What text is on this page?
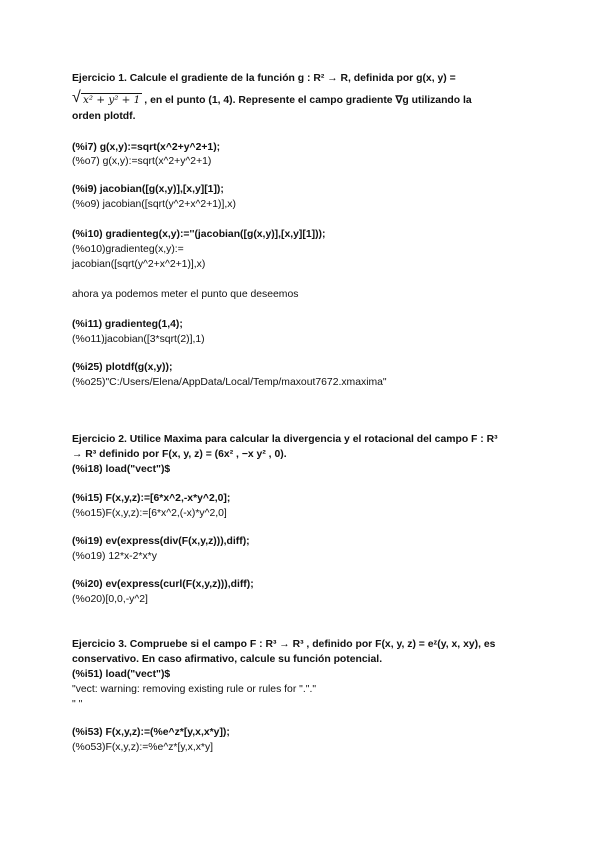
Ejercicio 1. Calcule el gradiente de la función g : R² → R, definida por g(x, y) =
√ x² + y² + 1 , en el punto (1, 4). Represente el campo gradiente ∇g utilizando la
orden plotdf.
(%i7) g(x,y):=sqrt(x^2+y^2+1);
(%o7) g(x,y):=sqrt(x^2+y^2+1)
(%i9) jacobian([g(x,y)],[x,y][1]);
(%o9) jacobian([sqrt(y^2+x^2+1)],x)
(%i10) gradienteg(x,y):=''(jacobian([g(x,y)],[x,y][1]));
(%o10)gradienteg(x,y):=
jacobian([sqrt(y^2+x^2+1)],x)
ahora ya podemos meter el punto que deseemos
(%i11) gradienteg(1,4);
(%o11)jacobian([3*sqrt(2)],1)
(%i25) plotdf(g(x,y));
(%o25)"C:/Users/Elena/AppData/Local/Temp/maxout7672.xmaxima"
Ejercicio 2. Utilice Maxima para calcular la divergencia y el rotacional del campo F : R³
→ R³ definido por F(x, y, z) = (6x² , −x y² , 0).
(%i18) load("vect")$
(%i15) F(x,y,z):=[6*x^2,-x*y^2,0];
(%o15)F(x,y,z):=[6*x^2,(-x)*y^2,0]
(%i19) ev(express(div(F(x,y,z))),diff);
(%o19) 12*x-2*x*y
(%i20) ev(express(curl(F(x,y,z))),diff);
(%o20)[0,0,-y^2]
Ejercicio 3. Compruebe si el campo F : R³ → R³ , definido por F(x, y, z) = eᶻ(y, x, xy), es
conservativo. En caso afirmativo, calcule su función potencial.
(%i51) load("vect")$
"vect: warning: removing existing rule or rules for "."."
" "
(%i53) F(x,y,z):=(%e^z*[y,x,x*y]);
(%o53)F(x,y,z):=%e^z*[y,x,x*y]
